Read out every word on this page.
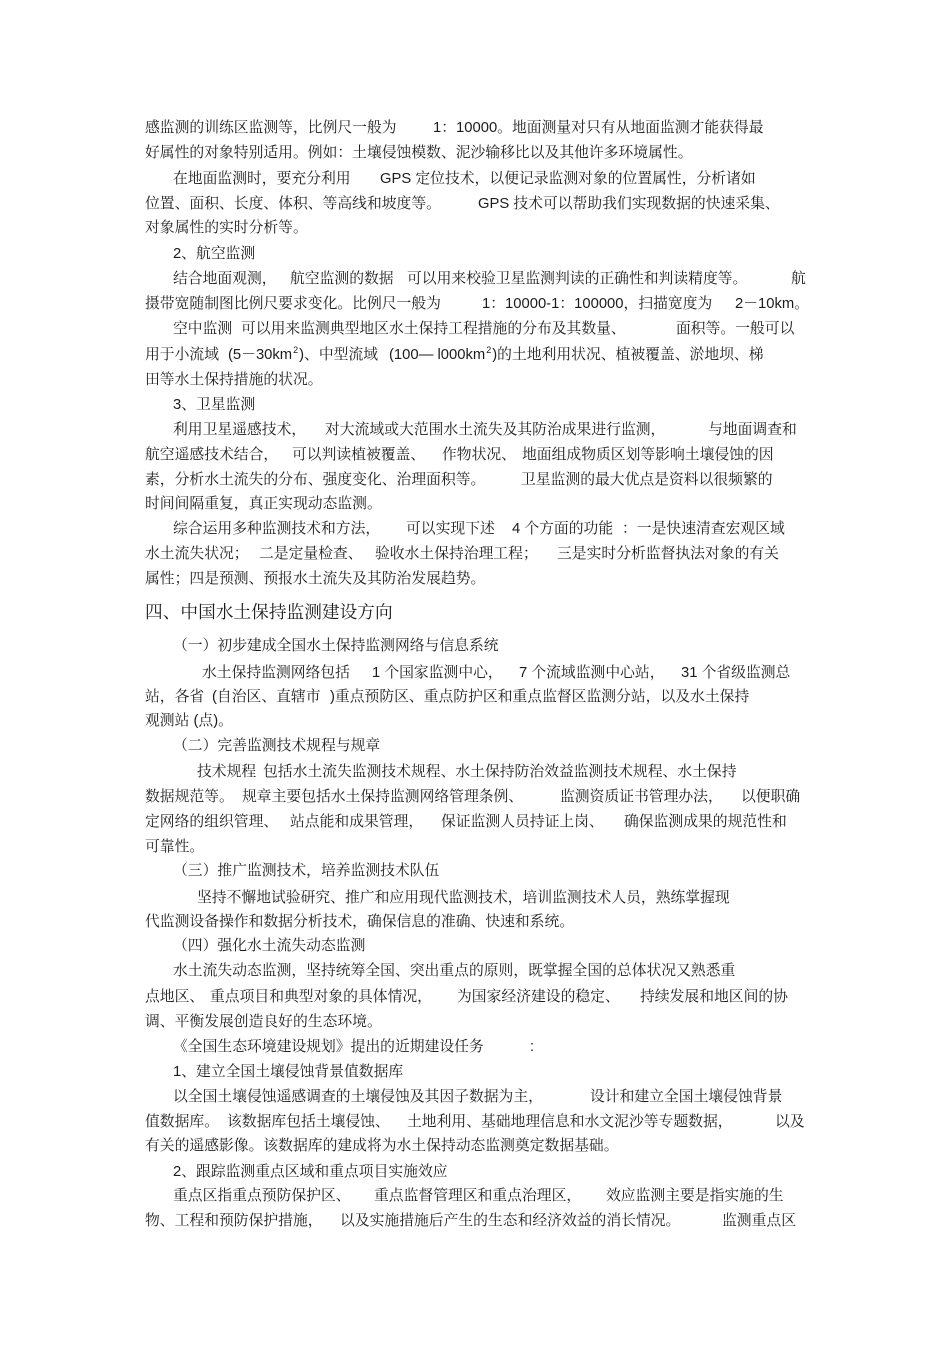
感监测的训练区监测等，比例尺一般为 1：10000。地面测量对只有从地面监测才能获得最
好属性的对象特别适用。例如：土壤侵蚀模数、泥沙输移比以及其他许多环境属性。
在地面监测时，要充分利用 GPS 定位技术，以便记录监测对象的位置属性，分析诸如
位置、面积、长度、体积、等高线和坡度等。	GPS 技术可以帮助我们实现数据的快速采集、
对象属性的实时分析等。
2、航空监测
结合地面观测， 航空监测的数据 可以用来校验卫星监测判读的正确性和判读精度等。	航
摄带宽随制图比例尺要求变化。比例尺一般为	1：10000-1：100000，扫描宽度为 2－10km。
空中监测 可以用来监测典型地区水土保持工程措施的分布及其数量、	面积等。一般可以
用于小流域 $(5-30km^2)$、中型流域 (100— $l000km^2$)的土地利用状况、植被覆盖、淤地坝、梯
田等水土保持措施的状况。
3、卫星监测
利用卫星遥感技术， 对大流域或大范围水土流失及其防治成果进行监测，	与地面调查和
航空遥感技术结合， 可以判读植被覆盖、 作物状况、 地面组成物质区划等影响土壤侵蚀的因
素，分析水土流失的分布、强度变化、治理面积等。 卫星监测的最大优点是资料以很频繁的
时间间隔重复，真正实现动态监测。
综合运用多种监测技术和方法， 可以实现下述 4 个方面的功能 ：一是快速清查宏观区域
水土流失状况； 二是定量检查、 验收水土保持治理工程； 三是实时分析监督执法对象的有关
属性；四是预测、预报水土流失及其防治发展趋势。
四、中国水土保持监测建设方向
（一）初步建成全国水土保持监测网络与信息系统
水土保持监测网络包括 1 个国家监测中心， 7 个流域监测中心站， 31 个省级监测总
站，各省 (自治区、直辖市 )重点预防区、重点防护区和重点监督区监测分站，以及水土保持
观测站 (点)。
（二）完善监测技术规程与规章
技术规程 包括水土流失监测技术规程、水土保持防治效益监测技术规程、水土保持
数据规范等。 规章主要包括水土保持监测网络管理条例、 监测资质证书管理办法， 以便职确
定网络的组织管理、 站点能和成果管理， 保证监测人员持证上岗、 确保监测成果的规范性和
可靠性。
（三）推广监测技术，培养监测技术队伍
坚持不懈地试验研究、推广和应用现代监测技术，培训监测技术人员，熟练掌握现
代监测设备操作和数据分析技术，确保信息的准确、快速和系统。
（四）强化水土流失动态监测
水土流失动态监测，坚持统筹全国、突出重点的原则，既掌握全国的总体状况又熟悉重
点地区、 重点项目和典型对象的具体情况， 为国家经济建设的稳定、 持续发展和地区间的协
调、平衡发展创造良好的生态环境。
《全国生态环境建设规划》提出的近期建设任务	:
1、建立全国土壤侵蚀背景值数据库
以全国土壤侵蚀遥感调查的土壤侵蚀及其因子数据为主，	设计和建立全国土壤侵蚀背景
值数据库。 该数据库包括土壤侵蚀、 土地利用、基础地理信息和水文泥沙等专题数据，	以及
有关的遥感影像。该数据库的建成将为水土保持动态监测奠定数据基础。
2、跟踪监测重点区域和重点项目实施效应
重点区指重点预防保护区、 重点监督管理区和重点治理区， 效应监测主要是指实施的生
物、工程和预防保护措施， 以及实施措施后产生的生态和经济效益的消长情况。	监测重点区
